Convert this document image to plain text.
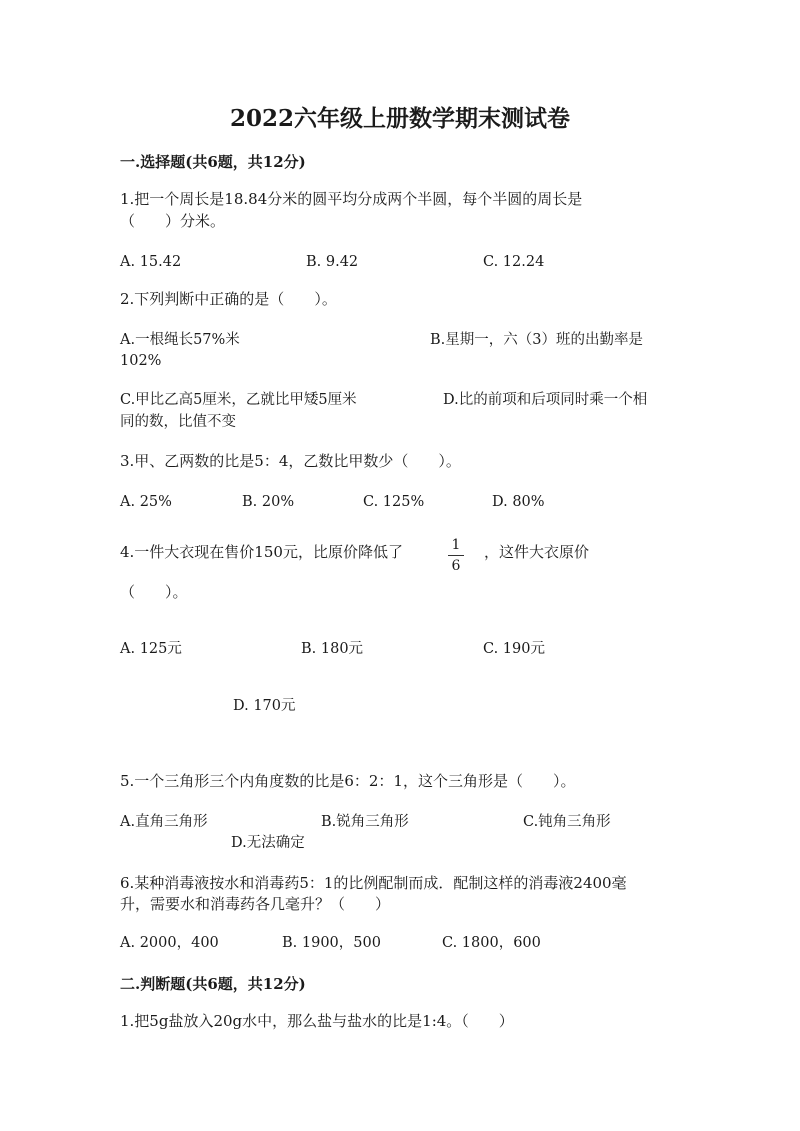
2022六年级上册数学期末测试卷
一.选择题(共6题，共12分)
1.把一个周长是18.84分米的圆平均分成两个半圆，每个半圆的周长是
（　　）分米。
A. 15.42	B. 9.42	C. 12.24
2.下列判断中正确的是（　　）。
A.一根绳长57%米	B.星期一，六（3）班的出勤率是
102%
C.甲比乙高5厘米，乙就比甲矮5厘米	D.比的前项和后项同时乘一个相
同的数，比值不变
3.甲、乙两数的比是5：4，乙数比甲数少（　　）。
A. 25%	B. 20%	C. 125%	D. 80%
4.一件大衣现在售价150元，比原价降低了	1
6
，这件大衣原价
（　　）。
A. 125元	B. 180元	C. 190元
D. 170元
5.一个三角形三个内角度数的比是6：2：1，这个三角形是（　　）。
A.直角三角形	B.锐角三角形	C.钝角三角形
D.无法确定
6.某种消毒液按水和消毒药5：1的比例配制而成．配制这样的消毒液2400毫
升，需要水和消毒药各几毫升？（　　）
A. 2000，400	B. 1900，500	C. 1800，600
二.判断题(共6题，共12分)
1.把5g盐放入20g水中，那么盐与盐水的比是1:4。（　　）
